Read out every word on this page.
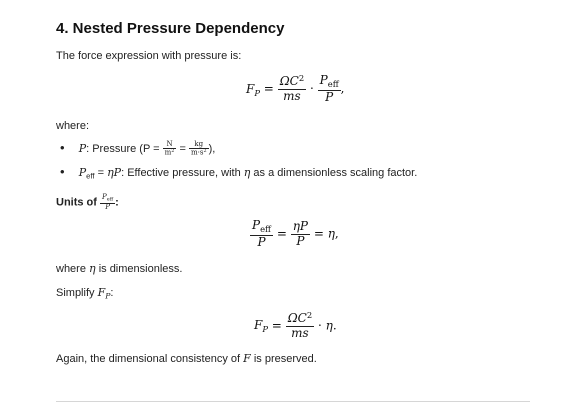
4. Nested Pressure Dependency
The force expression with pressure is:
$F_P = \frac{\Omega C^2}{ms} \cdot \frac{P_{eff}}{P}$ ,
where:
• P: Pressure ($P = \frac{N}{m^2} = \frac{kg}{m\cdot s^2}$ ),
• $P_{eff} = \eta P$: Effective pressure, with η as a dimensionless scaling factor.
Units of $\frac{P_{eff}}{P}$ :
$\frac{P_{eff}}{P} = \frac{\eta P}{P} = \eta$,
where η is dimensionless.
Simplify $F_P$:
$F_P = \frac{\Omega C^2}{ms} \cdot \eta$.
Again, the dimensional consistency of F is preserved.
